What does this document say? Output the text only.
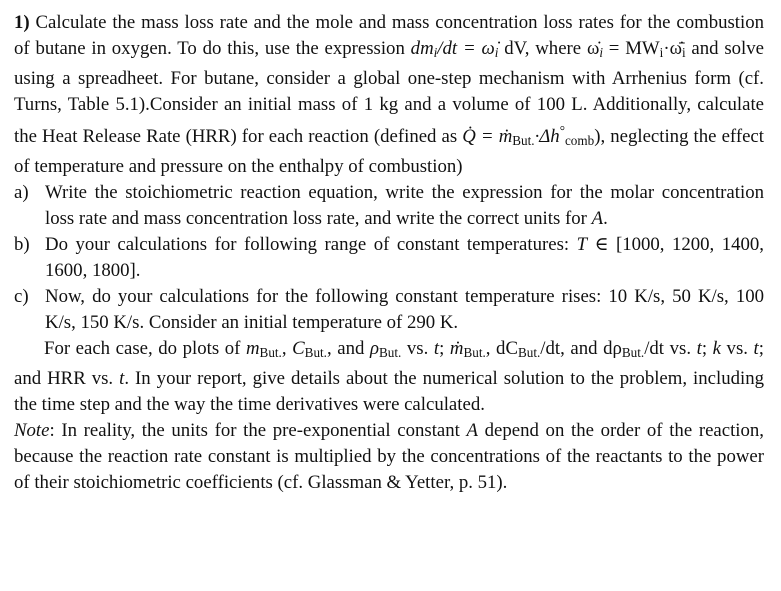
1) Calculate the mass loss rate and the mole and mass concentration loss rates for the combustion of butane in oxygen. To do this, use the expression dmi/dt = ω̇i dV, where ω̇i = $MW_i\cdot\omegā̇_i$ and solve using a spreadheet. For butane, consider a global one-step mechanism with Arrhenius form (cf. Turns, Table 5.1).Consider an initial mass of 1 kg and a volume of 100 L. Additionally, calculate the Heat Release Rate (HRR) for each reaction (defined as Q̇ = $ṁ_{But.}\cdot\Delta h^\circ_{comb}$), neglecting the effect of temperature and pressure on the enthalpy of combustion)

a) Write the stoichiometric reaction equation, write the expression for the molar concentration loss rate and mass concentration loss rate, and write the correct units for A.

b) Do your calculations for following range of constant temperatures: T ∈ [1000, 1200, 1400, 1600, 1800].

c) Now, do your calculations for the following constant temperature rises: 10 K/s, 50 K/s, 100 K/s, 150 K/s. Consider an initial temperature of 290 K.

For each case, do plots of $m_{But.}$, $C_{But.}$, and $\rho_{But.}$ vs. t; ṁ$_{But.}$, $dC_{But.}/dt$, and $d\rho_{But.}/dt$ vs. t; k vs. t; and HRR vs. t. In your report, give details about the numerical solution to the problem, including the time step and the way the time derivatives were calculated.

Note: In reality, the units for the pre-exponential constant A depend on the order of the reaction, because the reaction rate constant is multiplied by the concentrations of the reactants to the power of their stoichiometric coefficients (cf. Glassman & Yetter, p. 51).
